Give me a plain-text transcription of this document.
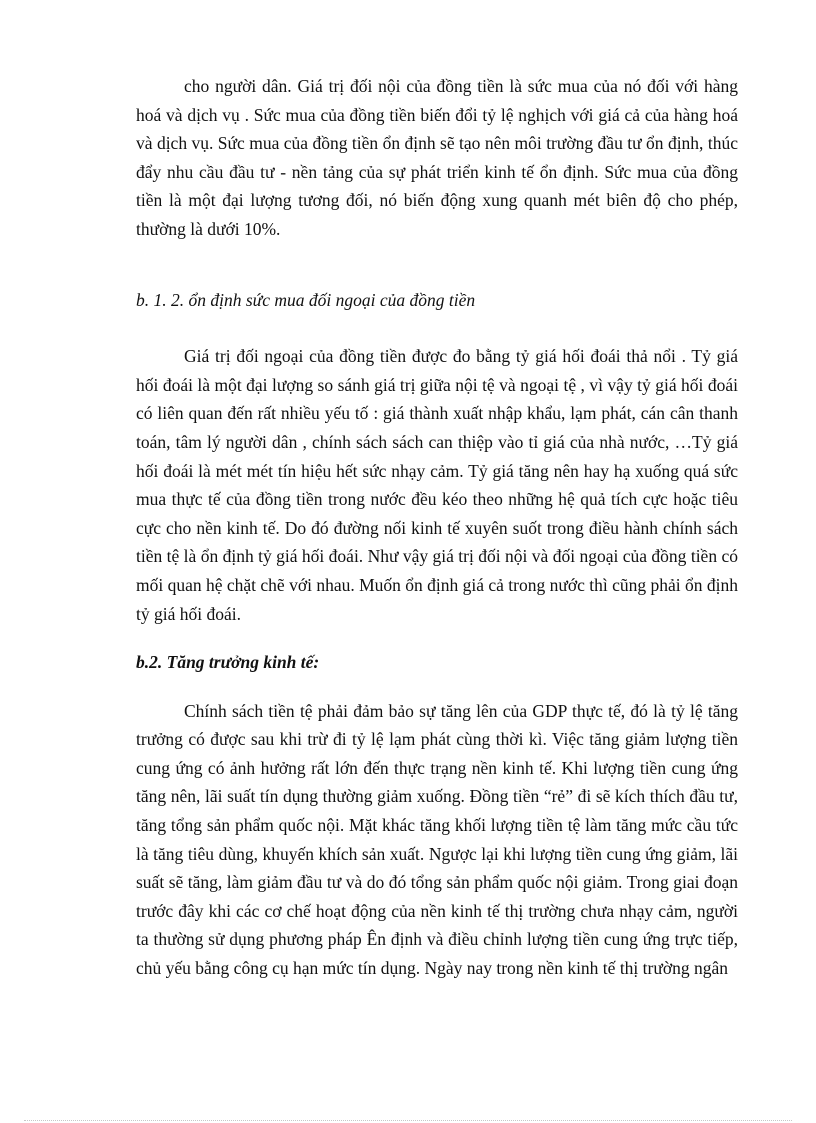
cho người dân. Giá trị đối nội của đồng tiền là sức mua của nó đối với hàng hoá và dịch vụ . Sức mua của đồng tiền biến đổi tỷ lệ nghịch với giá cả của hàng hoá và dịch vụ. Sức mua của đồng tiền ổn định sẽ tạo nên môi trường đầu tư ổn định, thúc đẩy nhu cầu đầu tư - nền tảng của sự phát triển kinh tế ổn định. Sức mua của đồng tiền là một đại lượng tương đối, nó biến động xung quanh mét biên độ cho phép, thường là dưới 10%.

b. 1. 2. ổn định sức mua đối ngoại của đồng tiền

Giá trị đối ngoại của đồng tiền được đo bằng tỷ giá hối đoái thả nổi . Tỷ giá hối đoái là một đại lượng so sánh giá trị giữa nội tệ và ngoại tệ , vì vậy tỷ giá hối đoái có liên quan đến rất nhiều yếu tố : giá thành xuất nhập khẩu, lạm phát, cán cân thanh toán, tâm lý người dân , chính sách sách can thiệp vào tỉ giá của nhà nước, …Tỷ giá hối đoái là mét mét tín hiệu hết sức nhạy cảm. Tỷ giá tăng nên hay hạ xuống quá sức mua thực tế của đồng tiền trong nước đều kéo theo những hệ quả tích cực hoặc tiêu cực cho nền kinh tế. Do đó đường nối kinh tế xuyên suốt trong điều hành chính sách tiền tệ là ổn định tỷ giá hối đoái. Như vậy giá trị đối nội và đối ngoại của đồng tiền có mối quan hệ chặt chẽ với nhau. Muốn ổn định giá cả trong nước thì cũng phải ổn định tỷ giá hối đoái.

b.2. Tăng trưởng kinh tế:

Chính sách tiền tệ phải đảm bảo sự tăng lên của GDP thực tế, đó là tỷ lệ tăng trưởng có được sau khi trừ đi tỷ lệ lạm phát cùng thời kì. Việc tăng giảm lượng tiền cung ứng có ảnh hưởng rất lớn đến thực trạng nền kinh tế. Khi lượng tiền cung ứng tăng nên, lãi suất tín dụng thường giảm xuống. Đồng tiền “rẻ” đi sẽ kích thích đầu tư, tăng tổng sản phẩm quốc nội. Mặt khác tăng khối lượng tiền tệ làm tăng mức cầu tức là tăng tiêu dùng, khuyến khích sản xuất. Ngược lại khi lượng tiền cung ứng giảm, lãi suất sẽ tăng, làm giảm đầu tư và do đó tổng sản phẩm quốc nội giảm. Trong giai đoạn trước đây khi các cơ chế hoạt động của nền kinh tế thị trường chưa nhạy cảm, người ta thường sử dụng phương pháp Ên định và điều chỉnh lượng tiền cung ứng trực tiếp, chủ yếu bằng công cụ hạn mức tín dụng. Ngày nay trong nền kinh tế thị trường ngân
